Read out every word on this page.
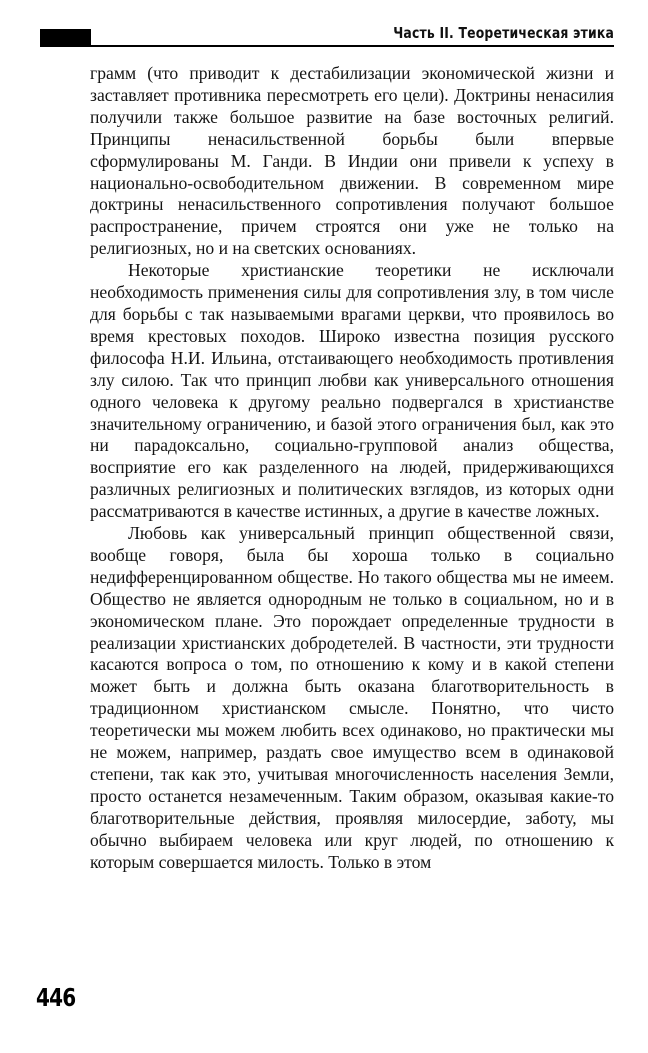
Часть II. Теоретическая этика

грамм (что приводит к дестабилизации экономической жизни и заставляет противника пересмотреть его цели). Доктрины ненасилия получили также большое развитие на базе восточных религий. Принципы ненасильственной борьбы были впервые сформулированы М. Ганди. В Индии они привели к успеху в национально-освободительном движении. В современном мире доктрины ненасильственного сопротивления получают большое распространение, причем строятся они уже не только на религиозных, но и на светских основаниях.

Некоторые христианские теоретики не исключали необходимость применения силы для сопротивления злу, в том числе для борьбы с так называемыми врагами церкви, что проявилось во время крестовых походов. Широко известна позиция русского философа Н.И. Ильина, отстаивающего необходимость противления злу силою. Так что принцип любви как универсального отношения одного человека к другому реально подвергался в христианстве значительному ограничению, и базой этого ограничения был, как это ни парадоксально, социально-групповой анализ общества, восприятие его как разделенного на людей, придерживающихся различных религиозных и политических взглядов, из которых одни рассматриваются в качестве истинных, а другие в качестве ложных.

Любовь как универсальный принцип общественной связи, вообще говоря, была бы хороша только в социально недифференцированном обществе. Но такого общества мы не имеем. Общество не является однородным не только в социальном, но и в экономическом плане. Это порождает определенные трудности в реализации христианских добродетелей. В частности, эти трудности касаются вопроса о том, по отношению к кому и в какой степени может быть и должна быть оказана благотворительность в традиционном христианском смысле. Понятно, что чисто теоретически мы можем любить всех одинаково, но практически мы не можем, например, раздать свое имущество всем в одинаковой степени, так как это, учитывая многочисленность населения Земли, просто останется незамеченным. Таким образом, оказывая какие-то благотворительные действия, проявляя милосердие, заботу, мы обычно выбираем человека или круг людей, по отношению к которым совершается милость. Только в этом

446
